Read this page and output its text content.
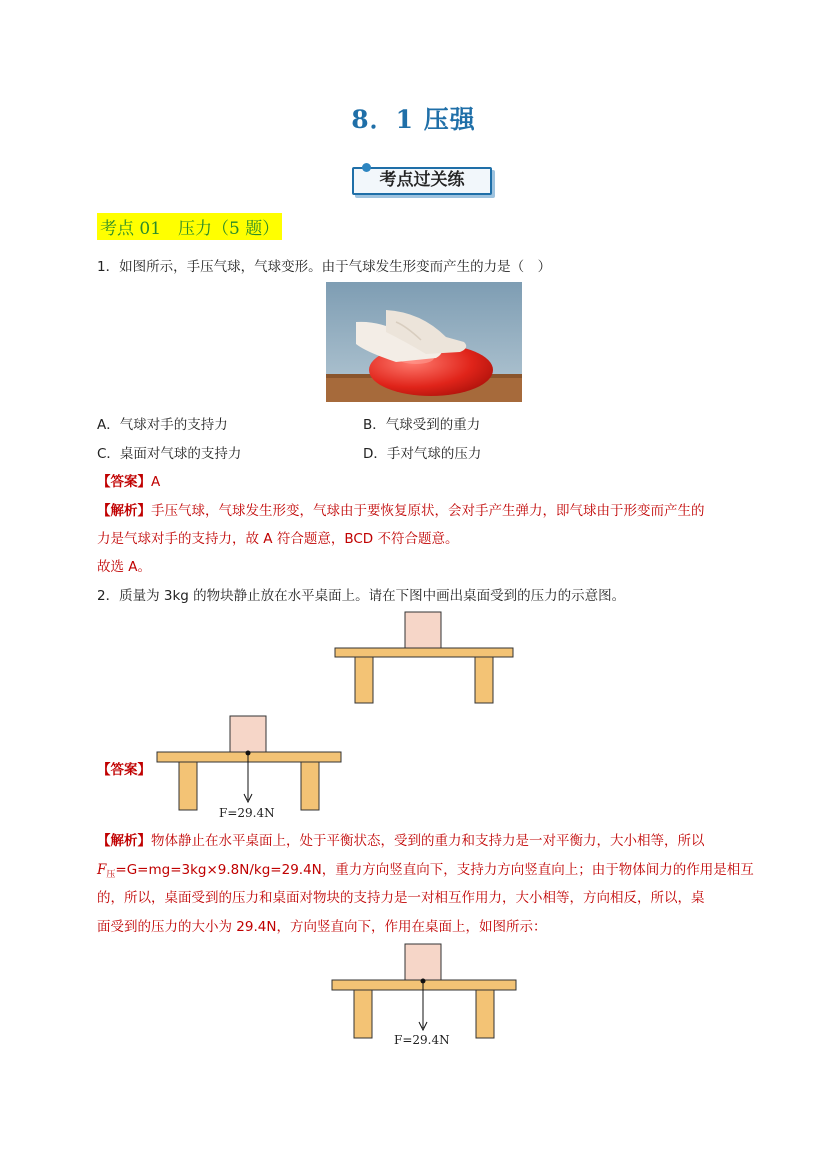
8．1 压强
考点过关练
考点 01　压力（5 题）
1．如图所示，手压气球，气球变形。由于气球发生形变而产生的力是（　）
A．气球对手的支持力	B．气球受到的重力
C．桌面对气球的支持力	D．手对气球的压力
【答案】A
【解析】手压气球，气球发生形变，气球由于要恢复原状，会对手产生弹力，即气球由于形变而产生的
力是气球对手的支持力，故 A 符合题意，BCD 不符合题意。
故选 A。
2．质量为 3kg 的物块静止放在水平桌面上。请在下图中画出桌面受到的压力的示意图。
【答案】
F=29.4N
【解析】物体静止在水平桌面上，处于平衡状态，受到的重力和支持力是一对平衡力，大小相等，所以
$F_压=G=mg=3kg\times 9.8N/kg=29.4N$，重力方向竖直向下，支持力方向竖直向上；由于物体间力的作用是相互
的，所以，桌面受到的压力和桌面对物块的支持力是一对相互作用力，大小相等，方向相反，所以，桌
面受到的压力的大小为 29.4N，方向竖直向下，作用在桌面上，如图所示：
F=29.4N
